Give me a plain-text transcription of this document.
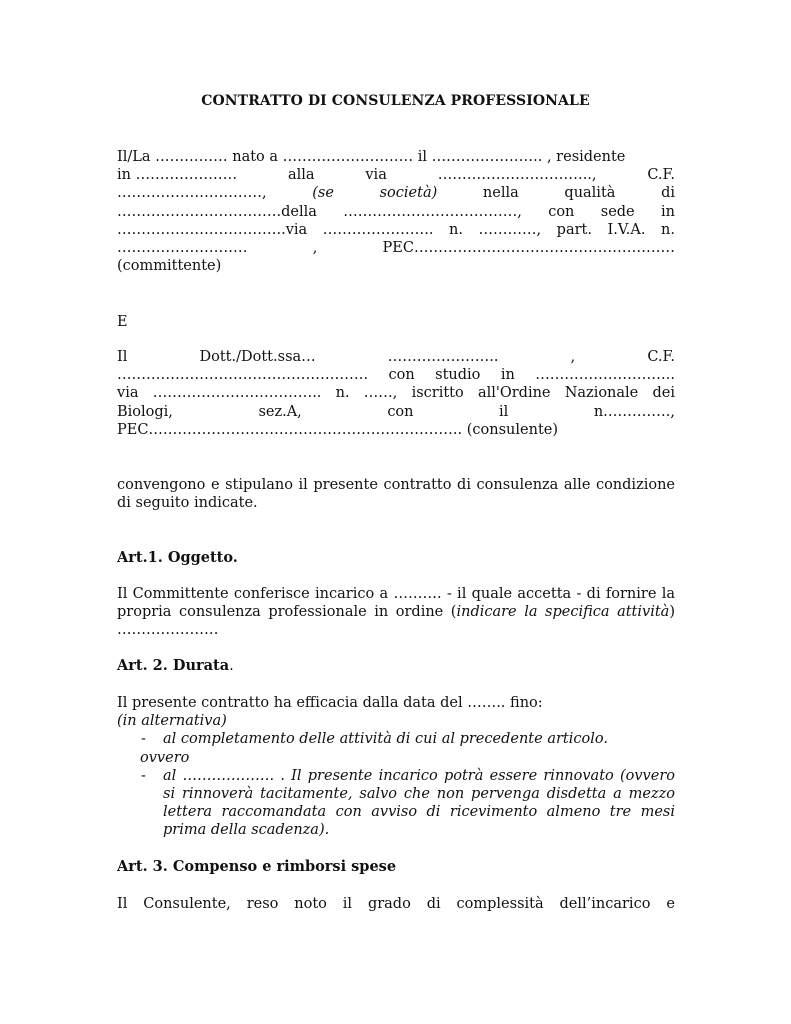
CONTRATTO DI CONSULENZA PROFESSIONALE
Il/La …………… nato a ……………………… il ………………….. , residente
in …………………	alla	via	…………………………..,	C.F.
…………………………,	(se	società)	nella	qualità	di
…………………………….della ………………………………, con sede in
……………………………..via ………………….. n. …………, part. I.V.A. n.
………………………	,	PEC………………………………………………
(committente)
E
Il	Dott./Dott.ssa…	…………………..	,	C.F.
……………………………………………. con studio in ………………………..
via …………………………….. n. ……, iscritto all'Ordine Nazionale dei
Biologi,	sez.A,	con	il	n.………….,
PEC……………………………………………………….. (consulente)
convengono e stipulano il presente contratto di consulenza alle condizione di seguito indicate.
Art.1. Oggetto.
Il Committente conferisce incarico a ………. - il quale accetta - di fornire la propria consulenza professionale in ordine (indicare la specifica attività) …………………
Art. 2. Durata.
Il presente contratto ha efficacia dalla data del …….. fino:
(in alternativa)
-	al completamento delle attività di cui al precedente articolo.
ovvero
-	al ………………. . Il presente incarico potrà essere rinnovato (ovvero si rinnoverà tacitamente, salvo che non pervenga disdetta a mezzo lettera raccomandata con avviso di ricevimento almeno tre mesi prima della scadenza).
Art. 3. Compenso e rimborsi spese
Il Consulente, reso noto il grado di complessità dell’incarico e
